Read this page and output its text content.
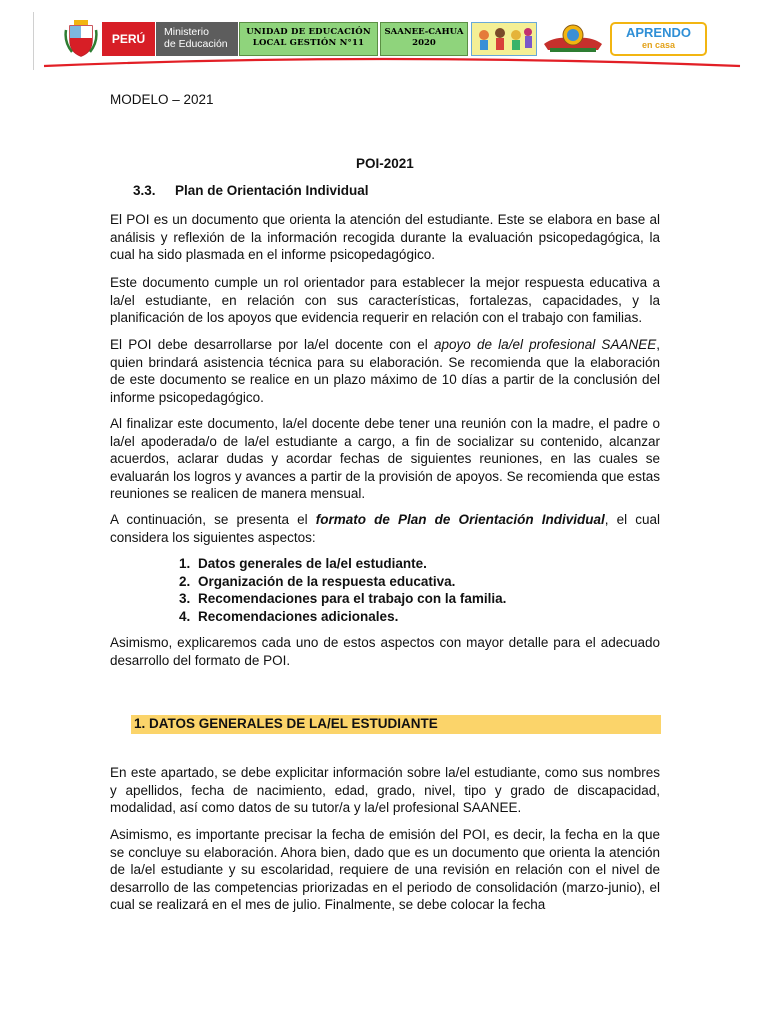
PERÚ Ministerio
de Educación
UNIDAD DE EDUCACIÓN
LOCAL GESTIÓN N°11
SAANEE-CAHUA
2020
APRENDO
en casa
MODELO – 2021
POI-2021
3.3. Plan de Orientación Individual

El POI es un documento que orienta la atención del estudiante. Este se elabora en base al análisis y reflexión de la información recogida durante la evaluación psicopedagógica, la cual ha sido plasmada en el informe psicopedagógico.

Este documento cumple un rol orientador para establecer la mejor respuesta educativa a la/el estudiante, en relación con sus características, fortalezas, capacidades, y la planificación de los apoyos que evidencia requerir en relación con el trabajo con familias.

El POI debe desarrollarse por la/el docente con el apoyo de la/el profesional SAANEE, quien brindará asistencia técnica para su elaboración. Se recomienda que la elaboración de este documento se realice en un plazo máximo de 10 días a partir de la conclusión del informe psicopedagógico.

Al finalizar este documento, la/el docente debe tener una reunión con la madre, el padre o la/el apoderada/o de la/el estudiante a cargo, a fin de socializar su contenido, alcanzar acuerdos, aclarar dudas y acordar fechas de siguientes reuniones, en las cuales se evaluarán los logros y avances a partir de la provisión de apoyos. Se recomienda que estas reuniones se realicen de manera mensual.

A continuación, se presenta el formato de Plan de Orientación Individual, el cual considera los siguientes aspectos:

1. Datos generales de la/el estudiante.
2. Organización de la respuesta educativa.
3. Recomendaciones para el trabajo con la familia.
4. Recomendaciones adicionales.

Asimismo, explicaremos cada uno de estos aspectos con mayor detalle para el adecuado desarrollo del formato de POI.

1. DATOS GENERALES DE LA/EL ESTUDIANTE

En este apartado, se debe explicitar información sobre la/el estudiante, como sus nombres y apellidos, fecha de nacimiento, edad, grado, nivel, tipo y grado de discapacidad, modalidad, así como datos de su tutor/a y la/el profesional SAANEE.

Asimismo, es importante precisar la fecha de emisión del POI, es decir, la fecha en la que se concluye su elaboración. Ahora bien, dado que es un documento que orienta la atención de la/el estudiante y su escolaridad, requiere de una revisión en relación con el nivel de desarrollo de las competencias priorizadas en el periodo de consolidación (marzo-junio), el cual se realizará en el mes de julio. Finalmente, se debe colocar la fecha
